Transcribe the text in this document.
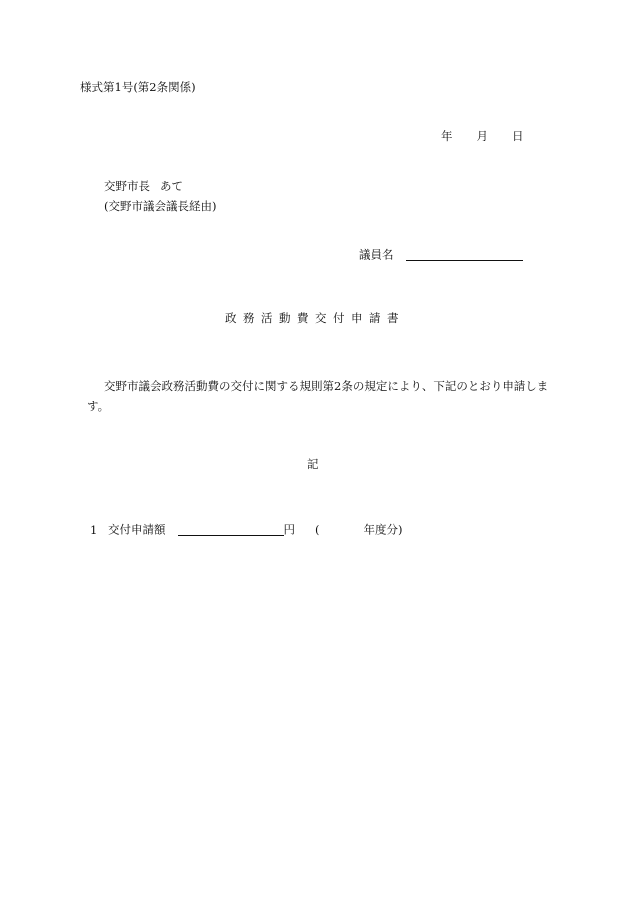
様式第1号(第2条関係)
年 月 日
交野市長 あて
(交野市議会議長経由)
議員名
政務活動費交付申請書
交野市議会政務活動費の交付に関する規則第2条の規定により、下記のとおり申請します。
記
1 交付申請額	円 (	年度分)
